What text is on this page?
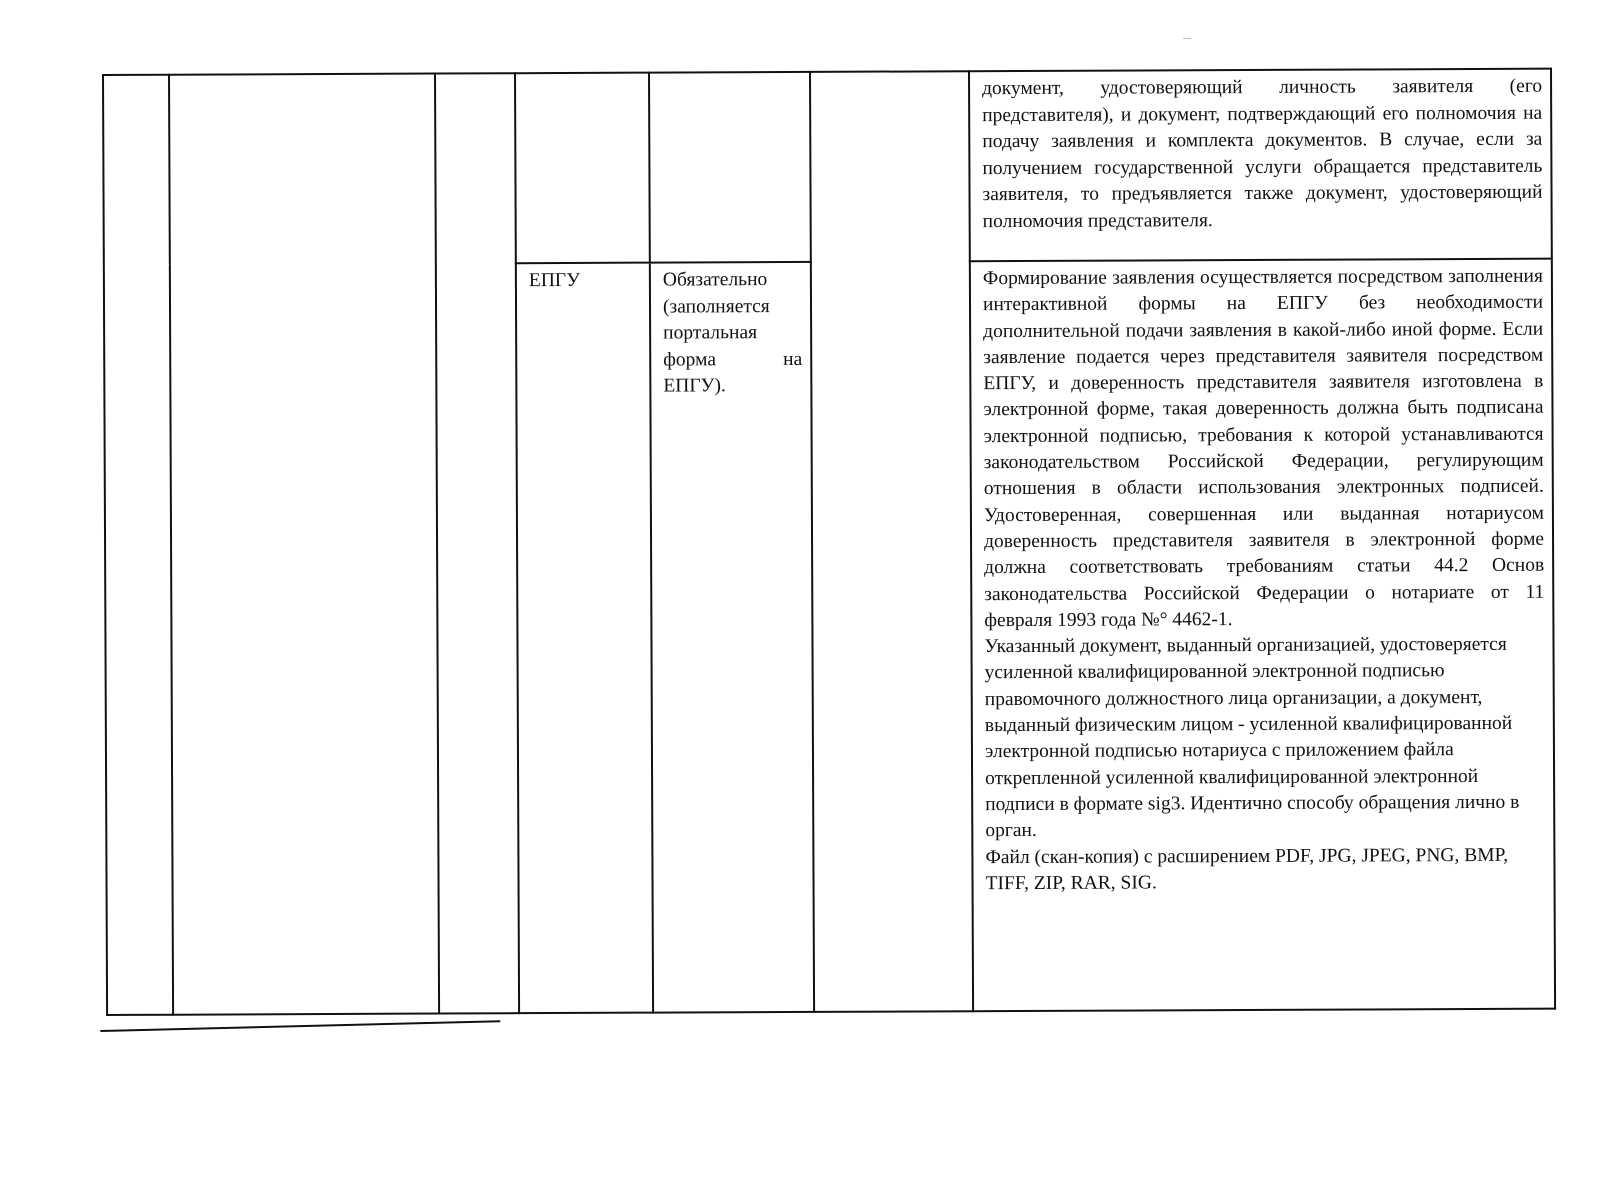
						документ, удостоверяющий личность заявителя (его представителя), и документ, подтверждающий его полномочия на подачу заявления и комплекта документов. В случае, если за получением государственной услуги обращается представитель заявителя, то предъявляется также документ, удостоверяющий полномочия представителя.

			ЕПГУ	Обязательно (заполняется портальная форма на ЕПГУ).		Формирование заявления осуществляется посредством заполнения интерактивной формы на ЕПГУ без необходимости дополнительной подачи заявления в какой-либо иной форме. Если заявление подается через представителя заявителя посредством ЕПГУ, и доверенность представителя заявителя изготовлена в электронной форме, такая доверенность должна быть подписана электронной подписью, требования к которой устанавливаются законодательством Российской Федерации, регулирующим отношения в области использования электронных подписей. Удостоверенная, совершенная или выданная нотариусом доверенность представителя заявителя в электронной форме должна соответствовать требованиям статьи 44.2 Основ законодательства Российской Федерации о нотариате от 11 февраля 1993 года №° 4462-1.
Указанный документ, выданный организацией, удостоверяется усиленной квалифицированной электронной подписью правомочного должностного лица организации, а документ, выданный физическим лицом - усиленной квалифицированной электронной подписью нотариуса с приложением файла открепленной усиленной квалифицированной электронной подписи в формате sig3. Идентично способу обращения лично в орган.
Файл (скан-копия) с расширением PDF, JPG, JPEG, PNG, BMP, TIFF, ZIP, RAR, SIG.
